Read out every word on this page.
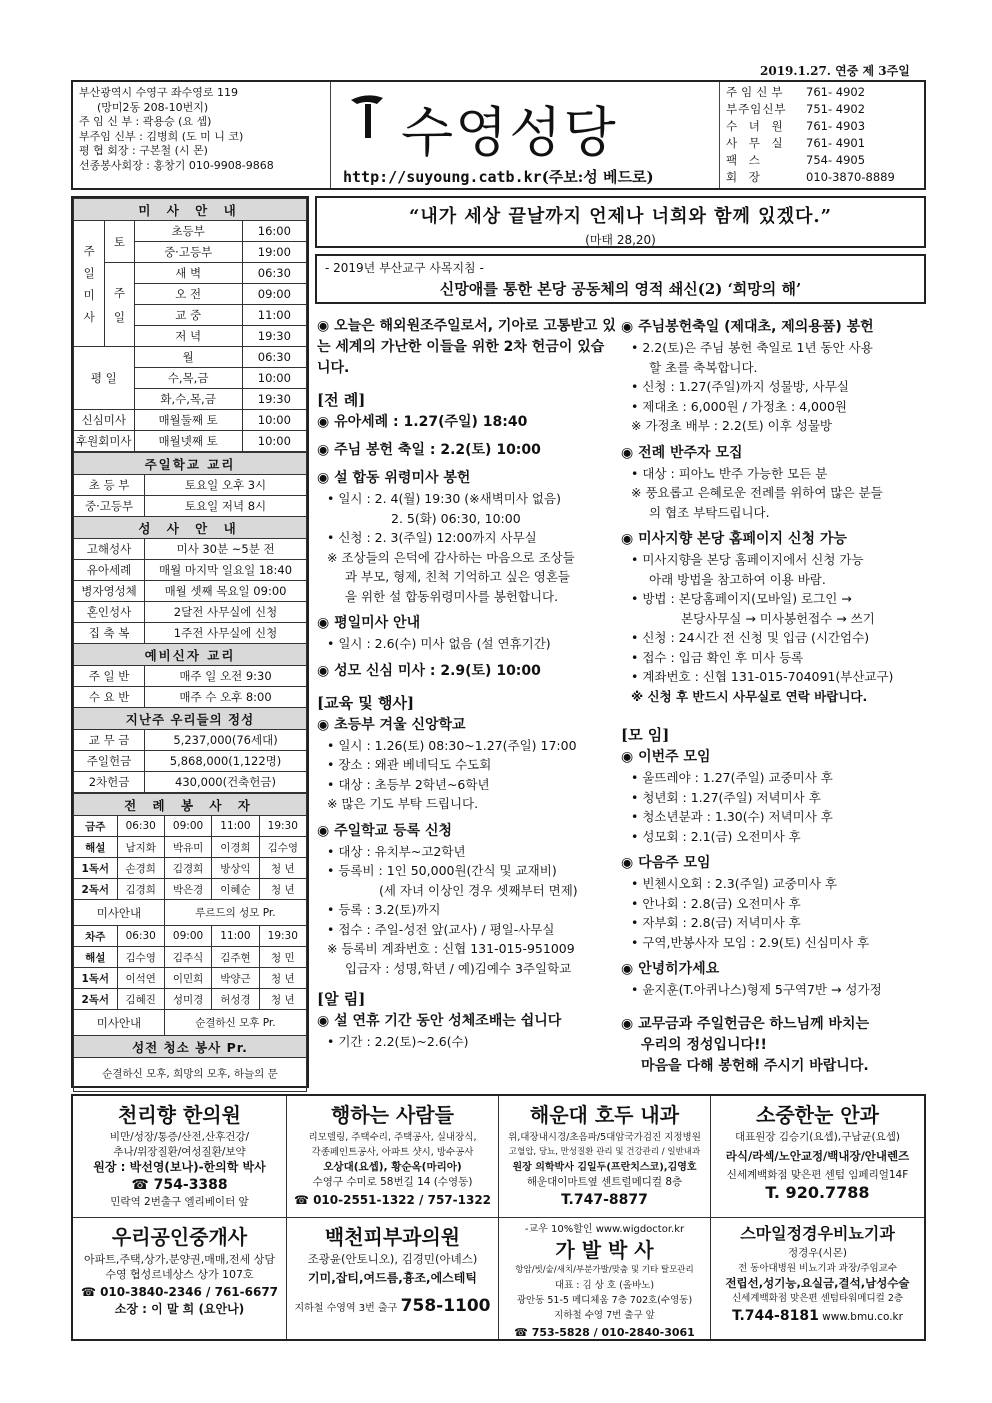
2019.1.27. 연중 제 3주일
부산광역시 수영구 좌수영로 119
(망미2동 208-10번지)
주 임 신 부 : 곽용승 (요 셉)
부주임 신부 : 김병희 (도 미 니 코)
평 협 회장 : 구본철 (시 몬)
선종봉사회장 : 홍창기 010-9908-9868
수영성당
http://suyoung.catb.kr(주보:성 베드로)
주임신부	761- 4902
부주임신부	751- 4902
수 녀 원	761- 4903
사 무 실	761- 4901
팩 스	754- 4905
회 장	010-3870-8889
미 사 안 내			
주
일
미
사	토	초등부	16:00
		중·고등부	19:00
	주
일	새 벽	06:30
		오 전	09:00
		교 중	11:00
		저 녁	19:30
평 일		월	06:30
		수,목,금	10:00
		화,수,목,금	19:30
신심미사		매월둘째 토	10:00
후원회미사		매월넷째 토	10:00
주일학교 교리	
초 등 부	토요일 오후 3시
중·고등부	토요일 저녁 8시
성 사 안 내	
고해성사	미사 30분 ~5분 전
유아세례	매월 마지막 일요일 18:40
병자영성체	매월 셋째 목요일 09:00
혼인성사	2달전 사무실에 신청
집 축 복	1주전 사무실에 신청
예비신자 교리	
주 일 반	매주 일 오전 9:30
수 요 반	매주 수 오후 8:00
지난주 우리들의 정성	
교 무 금	5,237,000(76세대)
주일헌금	5,868,000(1,122명)
2차헌금	430,000(건축헌금)
전 례 봉 사 자				
금주	06:30	09:00	11:00	19:30
해설	남지화	박유미	이경희	김수영
1독서	손경희	김경희	방상익	청 년
2독서	김경희	박은경	이혜순	청 년
미사안내		루르드의 성모 Pr.		
차주	06:30	09:00	11:00	19:30
해설	김수영	김주식	김주현	청 민
1독서	이석연	이민희	박양근	청 년
2독서	김혜진	성미경	허성경	청 년
미사안내		순결하신 모후 Pr.		
성전 청소 봉사 Pr.				
순결하신 모후, 희망의 모후, 하늘의 문				
“내가 세상 끝날까지 언제나 너희와 함께 있겠다.”
(마태 28,20)
- 2019년 부산교구 사목지침 -
신망애를 통한 본당 공동체의 영적 쇄신(2) ‘희망의 해’
◉ 오늘은 해외원조주일로서, 기아로 고통받고 있는 세계의 가난한 이들을 위한 2차 헌금이 있습니다.
[전 례]
◉ 유아세례 : 1.27(주일) 18:40
◉ 주님 봉헌 축일 : 2.2(토) 10:00
◉ 설 합동 위령미사 봉헌
• 일시 : 2. 4(월) 19:30 (※새벽미사 없음)
2. 5(화) 06:30, 10:00
• 신청 : 2. 3(주일) 12:00까지 사무실
※ 조상들의 은덕에 감사하는 마음으로 조상들
과 부모, 형제, 친척 기억하고 싶은 영혼들
을 위한 설 합동위령미사를 봉헌합니다.
◉ 평일미사 안내
• 일시 : 2.6(수) 미사 없음 (설 연휴기간)
◉ 성모 신심 미사 : 2.9(토) 10:00
[교육 및 행사]
◉ 초등부 겨울 신앙학교
• 일시 : 1.26(토) 08:30~1.27(주일) 17:00
• 장소 : 왜관 베네딕도 수도회
• 대상 : 초등부 2학년~6학년
※ 많은 기도 부탁 드립니다.
◉ 주일학교 등록 신청
• 대상 : 유치부~고2학년
• 등록비 : 1인 50,000원(간식 및 교재비)
(세 자녀 이상인 경우 셋째부터 면제)
• 등록 : 3.2(토)까지
• 접수 : 주일-성전 앞(교사) / 평일-사무실
※ 등록비 계좌번호 : 신협 131-015-951009
입금자 : 성명,학년 / 예)김예수 3주일학교
[알 림]
◉ 설 연휴 기간 동안 성체조배는 쉽니다
• 기간 : 2.2(토)~2.6(수)
◉ 주님봉헌축일 (제대초, 제의용품) 봉헌
• 2.2(토)은 주님 봉헌 축일로 1년 동안 사용
할 초를 축복합니다.
• 신청 : 1.27(주일)까지 성물방, 사무실
• 제대초 : 6,000원 / 가정초 : 4,000원
※ 가정초 배부 : 2.2(토) 이후 성물방
◉ 전례 반주자 모집
• 대상 : 피아노 반주 가능한 모든 분
※ 풍요롭고 은혜로운 전례를 위하여 많은 분들
의 협조 부탁드립니다.
◉ 미사지향 본당 홈페이지 신청 가능
• 미사지향을 본당 홈페이지에서 신청 가능
아래 방법을 참고하여 이용 바람.
• 방법 : 본당홈페이지(모바일) 로그인 →
본당사무실 → 미사봉헌접수 → 쓰기
• 신청 : 24시간 전 신청 및 입금 (시간엄수)
• 접수 : 입금 확인 후 미사 등록
• 계좌번호 : 신협 131-015-704091(부산교구)
※ 신청 후 반드시 사무실로 연락 바랍니다.
[모 임]
◉ 이번주 모임
• 울뜨레야 : 1.27(주일) 교중미사 후
• 청년회 : 1.27(주일) 저녁미사 후
• 청소년분과 : 1.30(수) 저녁미사 후
• 성모회 : 2.1(금) 오전미사 후
◉ 다음주 모임
• 빈첸시오회 : 2.3(주일) 교중미사 후
• 안나회 : 2.8(금) 오전미사 후
• 자부회 : 2.8(금) 저녁미사 후
• 구역,반봉사자 모임 : 2.9(토) 신심미사 후
◉ 안녕히가세요
• 윤지훈(T.아퀴나스)형제 5구역7반 → 성가정
◉ 교무금과 주일헌금은 하느님께 바치는
우리의 정성입니다!!
마음을 다해 봉헌해 주시기 바랍니다.
천리향 한의원
비만/성장/통증/산전,산후건강/
추나/위장질환/여성질환/보약
원장 : 박선영(보나)-한의학 박사
☎ 754-3388
민락역 2번출구 엘리베이터 앞
행하는 사람들
리모델링, 주택수리, 주택공사, 실내장식,
각종페인트공사, 아파트 샷시, 방수공사
오상대(요셉), 황순옥(마리아)
수영구 수미로 58번길 14 (수영동)
☎ 010-2551-1322 / 757-1322
해운대 호두 내과
위,대장내시경/초음파/5대암국가검진 지정병원
고혈압, 당뇨, 만성질환 관리 및 건강관리 / 일반내과
원장 의학박사 김일두(프란치스코),김영호
해운대이마트옆 센트럴메디컬 8층
T.747-8877
소중한눈 안과
대표원장 김승기(요셉),구남균(요셉)
라식/라섹/노안교정/백내장/안내렌즈
신세계백화점 맞은편 센텀 임페리얼14F
T. 920.7788
우리공인중개사
아파트,주택,상가,분양권,매매,전세 상담
수영 협성르네상스 상가 107호
☎ 010-3840-2346 / 761-6677
소장 : 이 말 희 (요안나)
백천피부과의원
조광윤(안토니오), 김경민(아녜스)
기미,잡티,여드름,흉조,에스테틱
지하철 수영역 3번 출구 758-1100
-교우 10%할인 www.wigdoctor.kr
가 발 박 사
항암/빗/숱/새치/부분가발/맞춤 및 기타 탈모관리
대표 : 김 상 호 (올바노)
광안동 51-5 메디체움 7층 702호(수영동)
지하철 수영 7번 출구 앞
☎ 753-5828 / 010-2840-3061
스마일정경우비뇨기과
정경우(시몬)
전 동아대병원 비뇨기과 과장/주임교수
전립선,성기능,요실금,결석,남성수술
신세계백화점 맞은편 센텀타워메디컬 2층
T.744-8181 www.bmu.co.kr
